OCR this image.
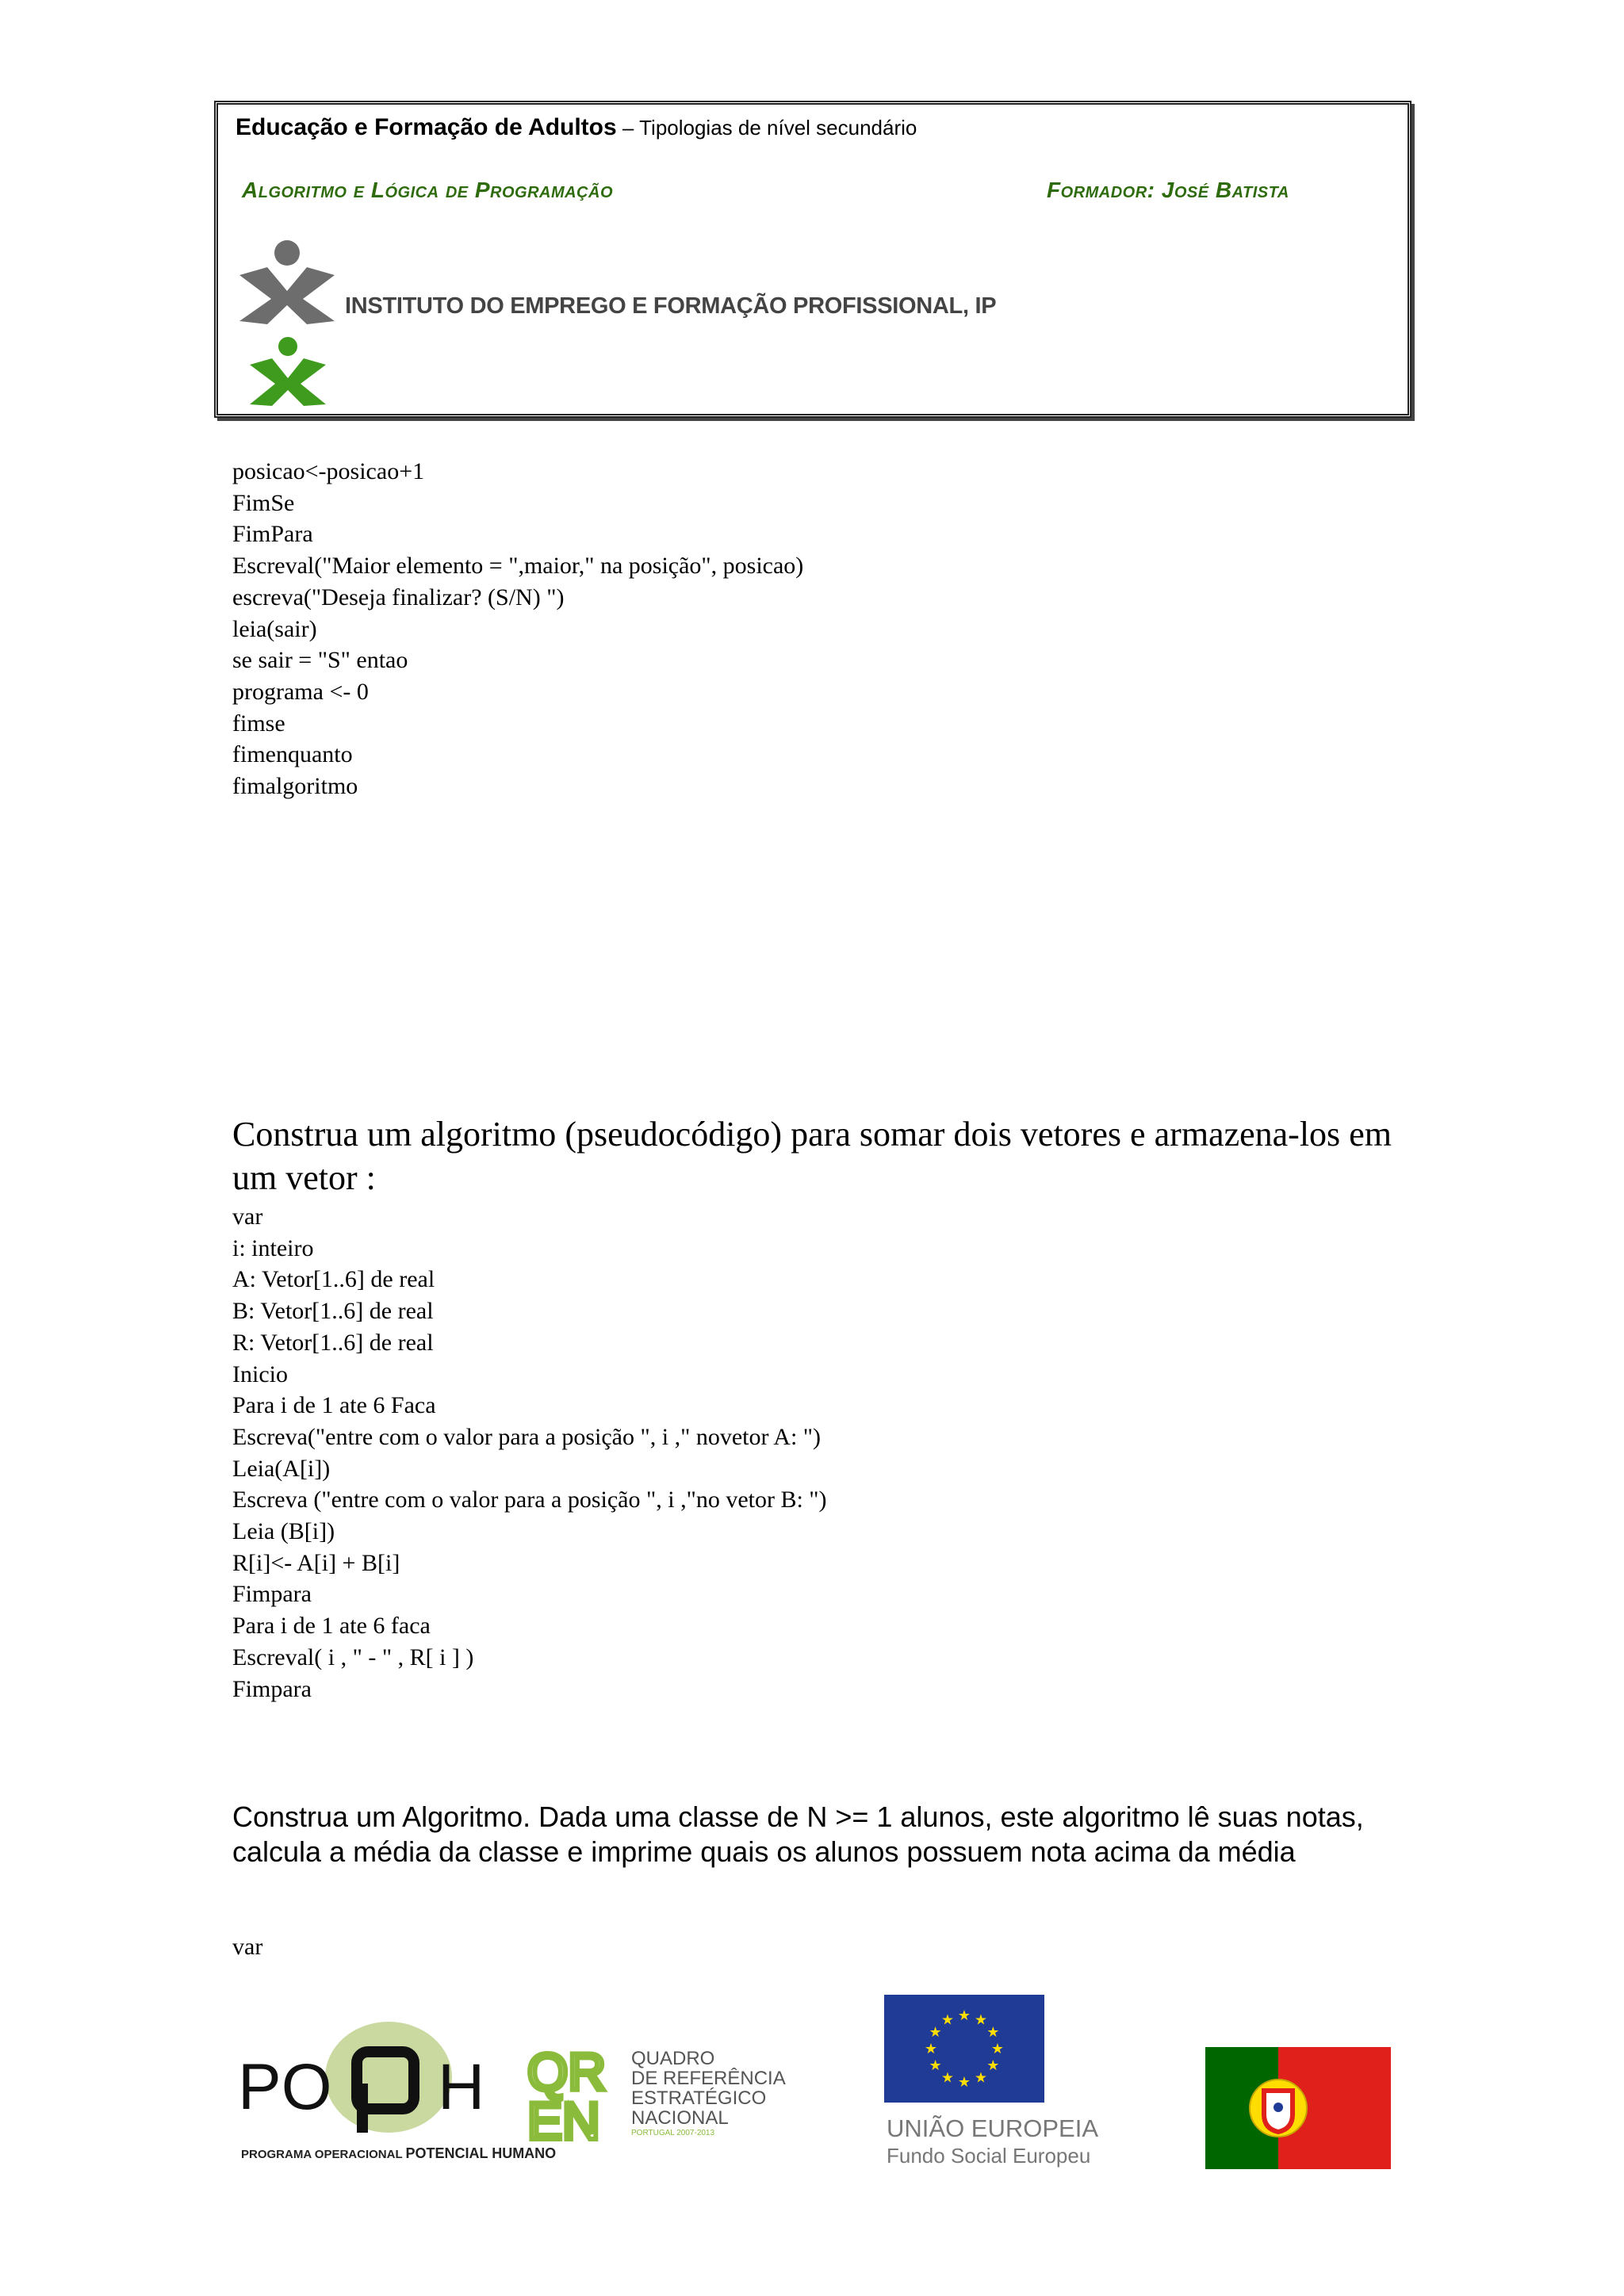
Educação e Formação de Adultos – Tipologias de nível secundário
Algoritmo e Lógica de Programação	Formador: José Batista
INSTITUTO DO EMPREGO E FORMAÇÃO PROFISSIONAL, IP
posicao<-posicao+1
FimSe
FimPara
Escreval("Maior elemento = ",maior," na posição", posicao)
escreva("Deseja finalizar? (S/N) ")
leia(sair)
se sair = "S" entao
programa <- 0
fimse
fimenquanto
fimalgoritmo
Construa um algoritmo (pseudocódigo) para somar dois vetores e armazena-los em um vetor :
var
i: inteiro
A: Vetor[1..6] de real
B: Vetor[1..6] de real
R: Vetor[1..6] de real
Inicio
Para i de 1 ate 6 Faca
Escreva("entre com o valor para a posição ", i ," novetor A: ")
Leia(A[i])
Escreva ("entre com o valor para a posição ", i ,"no vetor B: ")
Leia (B[i])
R[i]<- A[i] + B[i]
Fimpara
Para i de 1 ate 6 faca
Escreval( i , " - " , R[ i ] )
Fimpara
Construa um Algoritmo. Dada uma classe de N >= 1 alunos, este algoritmo lê suas notas, calcula a média da classe e imprime quais os alunos possuem nota acima da média
var
PO H
PROGRAMA OPERACIONAL POTENCIAL HUMANO
QR
EN
QUADRO
DE REFERÊNCIA
ESTRATÉGICO
NACIONAL
PORTUGAL 2007-2013
★ ★
★
★
★
★
★
★
★
★
★
★
UNIÃO EUROPEIA
Fundo Social Europeu
